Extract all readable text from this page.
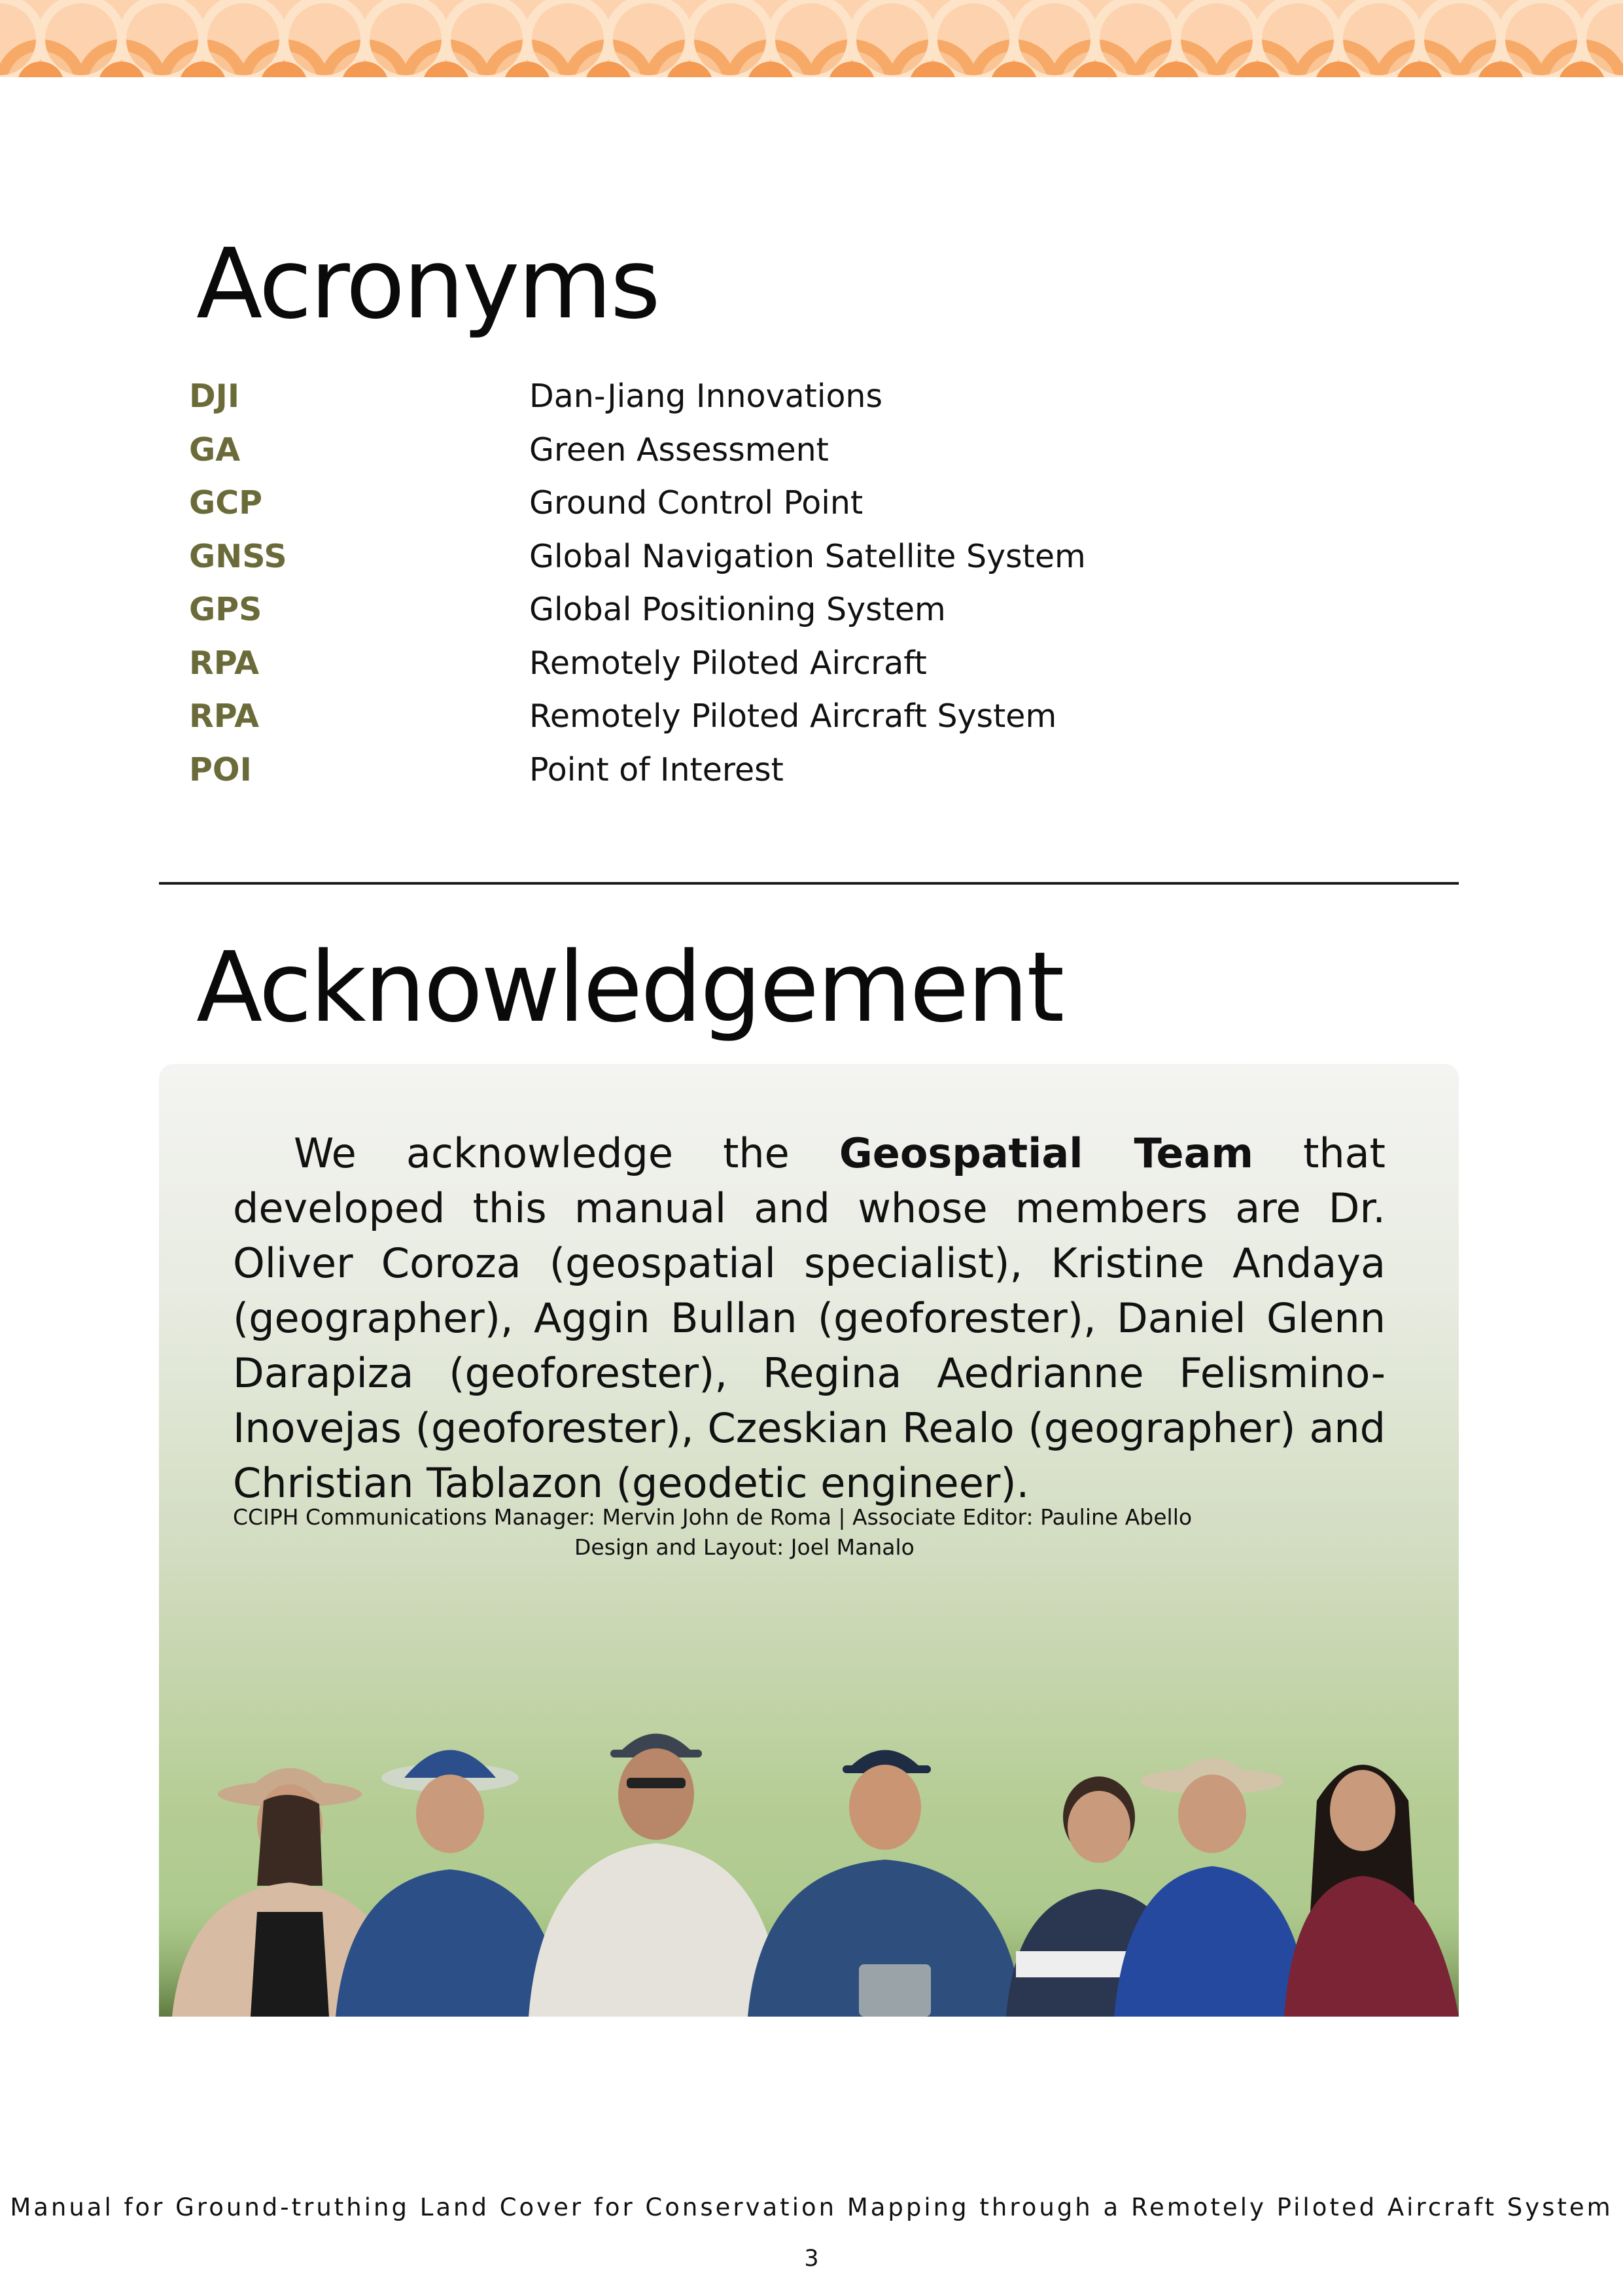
Acronyms
DJI	Dan-Jiang Innovations
GA	Green Assessment
GCP	Ground Control Point
GNSS	Global Navigation Satellite System
GPS	Global Positioning System
RPA	Remotely Piloted Aircraft
RPA	Remotely Piloted Aircraft System
POI	Point of Interest
Acknowledgement

We acknowledge the Geospatial Team that developed this manual and whose members are Dr. Oliver Coroza (geospatial specialist), Kristine Andaya (geographer), Aggin Bullan (geoforester), Daniel Glenn Darapiza (geoforester), Regina Aedrianne Felismino-Inovejas (geoforester), Czeskian Realo (geographer) and Christian Tablazon (geodetic engineer).

CCIPH Communications Manager: Mervin John de Roma | Associate Editor: Pauline Abello
Design and Layout: Joel Manalo
Manual for Ground-truthing Land Cover for Conservation Mapping through a Remotely Piloted Aircraft System
3
